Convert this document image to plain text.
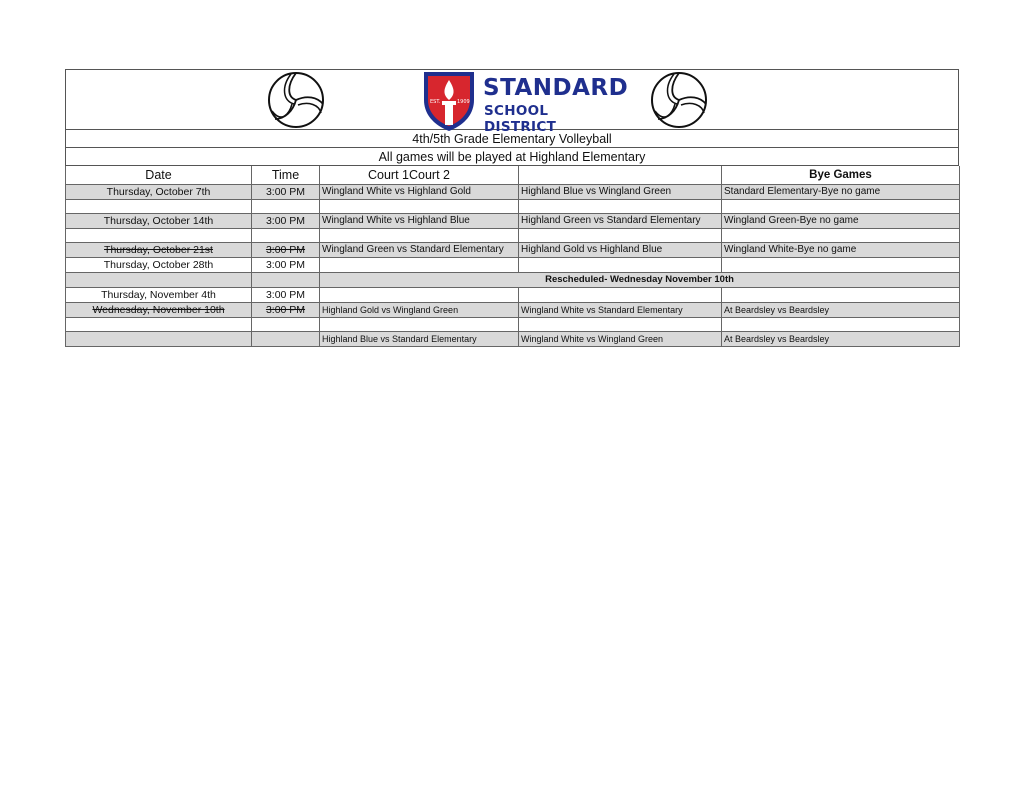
EST.	1909
STANDARD
SCHOOL DISTRICT
4th/5th Grade Elementary Volleyball
All games will be played at Highland Elementary
Date	Time	Court 1Court 2		Bye Games
Thursday, October 7th	3:00 PM	Wingland White vs Highland Gold	Highland Blue vs Wingland Green	Standard Elementary-Bye no game

Thursday, October 14th	3:00 PM	Wingland White vs Highland Blue	Highland Green vs Standard Elementary	Wingland Green-Bye no game

Thursday, October 21st	3:00 PM	Wingland Green vs Standard Elementary	Highland Gold vs Highland Blue	Wingland White-Bye no game
Thursday, October 28th	3:00 PM			
		Rescheduled- Wednesday November 10th		
Thursday, November 4th	3:00 PM			
Wednesday, November 10th	3:00 PM	Highland Gold vs Wingland Green	Wingland White vs Standard Elementary	At Beardsley vs Beardsley

		Highland Blue vs Standard Elementary	Wingland White vs Wingland Green	At Beardsley vs Beardsley
